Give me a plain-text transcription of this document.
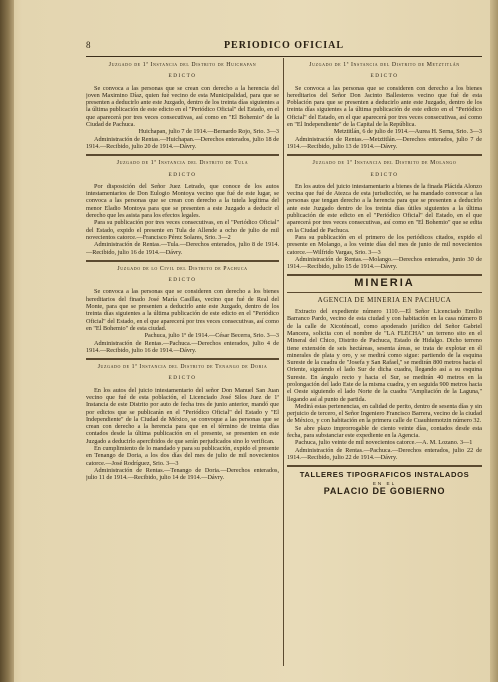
PERIODICO OFICIAL
8
Juzgado de 1ª Instancia del Distrito de Huichapan
EDICTO

Se convoca a las personas que se crean con derecho a la herencia del joven Maximino Díaz, quien fué vecino de esta Municipalidad, para que se presenten a deducirlo ante este Juzgado, dentro de los treinta días siguientes a la última publicación de este edicto en el "Periódico Oficial" del Estado, en el que aparecerá por tres veces consecutivas, así como en "El Bohemio" de la Ciudad de Pachuca.

Huichapan, julio 7 de 1914.—Bernardo Rojo, Srio. 3—3

Administración de Rentas.—Huichapan.—Derechos enterados, julio 18 de 1914.—Recibido, julio 20 de 1914.—Dávry.

Juzgado de 1ª Instancia del Distrito de Tula
EDICTO

Por disposición del Señor Juez Letrado, que conoce de los autos intestamentarios de Don Eulogio Montoya vecino que fué de este lugar, se convoca a las personas que se crean con derecho a la tutela legítima del menor Eladio Montoya para que se presenten a este Juzgado a deducir el derecho que les asista para los efectos legales.

Para su publicación por tres veces consecutivas, en el "Periódico Oficial" del Estado, expido el presente en Tula de Allende a ocho de julio de mil novecientos catorce.—Francisco Pérez Solares, Srio. 3—2

Administración de Rentas.—Tula.—Derechos enterados, julio 8 de 1914.—Recibido, julio 16 de 1914.—Dávry.

Juzgado de lo Civil del Distrito de Pachuca
EDICTO

Se convoca a las personas que se consideren con derecho a los bienes hereditarios del finado José María Casillas, vecino que fué de Real del Monte, para que se presenten a deducirlo ante este Juzgado, dentro de los treinta días siguientes a la última publicación de este edicto en el "Periódico Oficial" del Estado, en el que aparecerá por tres veces consecutivas, así como en "El Bohemio" de esta ciudad.

Pachuca, julio 1º de 1914.—César Becerra, Srio. 3—3

Administración de Rentas.—Pachuca.—Derechos enterados, julio 4 de 1914.—Recibido, julio 16 de 1914.—Dávry.

Juzgado de 1ª Instancia del Distrito de Tenango de Doria
EDICTO

En los autos del juicio intestamentario del señor Don Manuel San Juan vecino que fué de esta población, el Licenciado José Silos Juez de 1ª Instancia de este Distrito por auto de fecha tres de junio anterior, mandó que por edictos que se publicarán en el "Periódico Oficial" del Estado y "El Independiente" de la Ciudad de México, se convoque a las personas que se crean con derecho a la herencia para que en el término de treinta días contados desde la última publicación en el presente, se presenten en este Juzgado a deducirlo apercibidos de que serán perjudicados sino lo verifican.

En cumplimiento de lo mandado y para su publicación, expido el presente en Tenango de Doria, a los dos días del mes de julio de mil novecientos catorce.—José Rodríguez, Srio. 3—3

Administración de Rentas.—Tenango de Doria.—Derechos enterados, julio 11 de 1914.—Recibido, julio 14 de 1914.—Dávry.

Juzgado de 1ª Instancia del Distrito de Metztitlán
EDICTO

Se convoca a las personas que se consideren con derecho a los bienes hereditarios del Señor Don Jacinto Ballesteros vecino que fué de esta Población para que se presenten a deducirlo ante este Juzgado, dentro de los treinta días siguientes a la última publicación de este edicto en el "Periódico Oficial" del Estado, en el que aparecerá por tres veces consecutivas, así como en "El Independiente" de la Capital de la República.

Metztitlán, 6 de julio de 1914.—Aurea H. Serna, Srio. 3—3

Administración de Rentas.—Metztitlán.—Derechos enterados, julio 7 de 1914.—Recibido, julio 13 de 1914.—Dávry.

Juzgado de 1ª Instancia del Distrito de Molango
EDICTO

En los autos del juicio intestamentario a bienes de la finada Plácida Alonzo vecina que fué de Atezca de esta jurisdicción, se ha mandado convocar a las personas que tengan derecho a la herencia para que se presenten a deducirlo ante este Juzgado dentro de los treinta días útiles siguientes a la última publicación de este edicto en el "Periódico Oficial" del Estado, en el que aparecerá por tres veces consecutivas, así como en "El Bohemio" que se edita en la Ciudad de Pachuca.

Para su publicación en el primero de los periódicos citados, expido el presente en Molango, a los veinte días del mes de junio de mil novecientos catorce.—Wilfrido Vargas, Srio. 3—3

Administración de Rentas.—Molango.—Derechos enterados, junio 30 de 1914.—Recibido, julio 15 de 1914.—Dávry.

MINERIA
AGENCIA DE MINERIA EN PACHUCA

Extracto del expediente número 1110.—El Señor Licenciado Emilio Barranco Pardo, vecino de esta ciudad y con habitación en la casa número 8 de la calle de Xicoténcatl, como apoderado jurídico del Señor Gabriel Mancera, solicita con el nombre de "LA FLECHA" un terreno sito en el Mineral del Chico, Distrito de Pachuca, Estado de Hidalgo. Dicho terreno tiene extensión de seis hectáreas, sesenta áreas, se trata de explotar en él minerales de plata y oro, y se medirá como sigue: partiendo de la esquina Sureste de la cuadra de "Josefa y San Rafael," se medirán 800 metros hacia el Oriente, siguiendo el lado Sur de dicha cuadra, llegando así a su esquina Sureste. En ángulo recto y hacia el Sur, se medirán 40 metros en la prolongación del lado Este de la misma cuadra, y en seguida 900 metros hacia el Oeste siguiendo el lado Norte de la cuadra "Ampliación de la Laguna," llegando así al punto de partida.

Medirá estas pertenencias, en calidad de perito, dentro de sesenta días y sin perjuicio de tercero, el Señor Ingeniero Francisco Barrera, vecino de la ciudad de México, y con habitación en la primera calle de Cuauhtemotzin número 32.

Se abre plazo improrrogable de ciento veinte días, contados desde esta fecha, para substanciar este expediente en la Agencia.

Pachuca, julio veinte de mil novecientos catorce.—A. M. Lozano. 3—1

Administración de Rentas.—Pachuca.—Derechos enterados, julio 22 de 1914.—Recibido, julio 22 de 1914.—Dávry.

TALLERES TIPOGRAFICOS INSTALADOS
EN EL
PALACIO DE GOBIERNO
